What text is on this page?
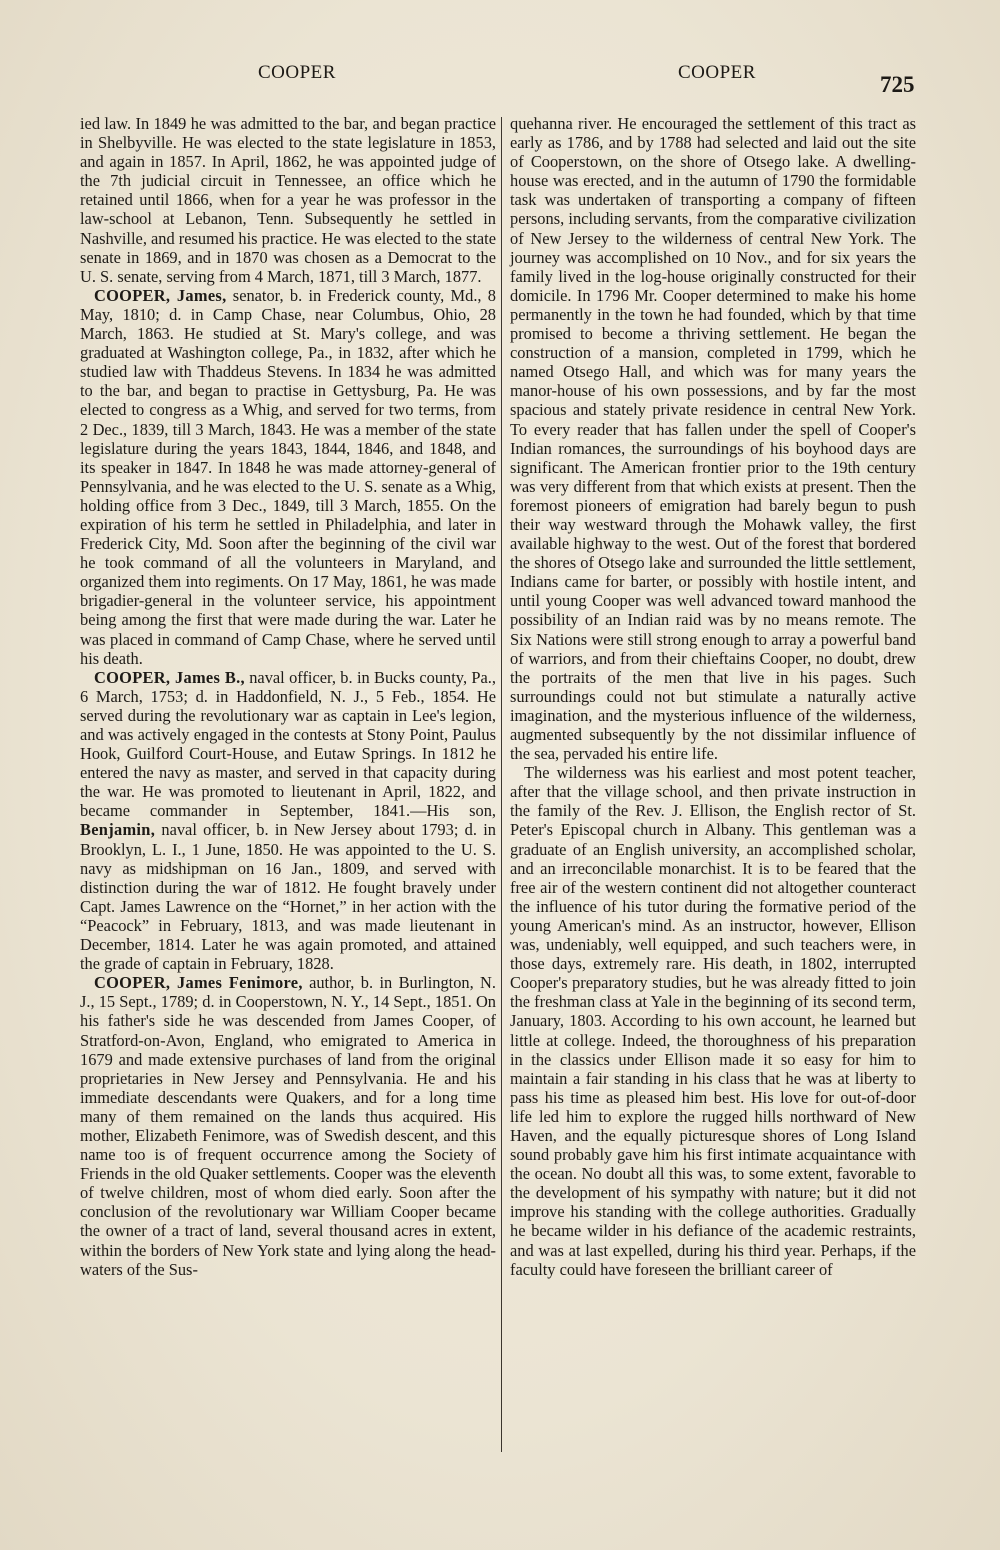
COOPER	COOPER	725

ied law. In 1849 he was admitted to the bar, and began practice in Shelbyville. He was elected to the state legislature in 1853, and again in 1857. In April, 1862, he was appointed judge of the 7th judicial circuit in Tennessee, an office which he retained until 1866, when for a year he was professor in the law-school at Lebanon, Tenn. Subsequently he settled in Nashville, and resumed his practice. He was elected to the state senate in 1869, and in 1870 was chosen as a Democrat to the U. S. senate, serving from 4 March, 1871, till 3 March, 1877.

COOPER, James, senator, b. in Frederick county, Md., 8 May, 1810; d. in Camp Chase, near Columbus, Ohio, 28 March, 1863. He studied at St. Mary's college, and was graduated at Washington college, Pa., in 1832, after which he studied law with Thaddeus Stevens. In 1834 he was admitted to the bar, and began to practise in Gettysburg, Pa. He was elected to congress as a Whig, and served for two terms, from 2 Dec., 1839, till 3 March, 1843. He was a member of the state legislature during the years 1843, 1844, 1846, and 1848, and its speaker in 1847. In 1848 he was made attorney-general of Pennsylvania, and he was elected to the U. S. senate as a Whig, holding office from 3 Dec., 1849, till 3 March, 1855. On the expiration of his term he settled in Philadelphia, and later in Frederick City, Md. Soon after the beginning of the civil war he took command of all the volunteers in Maryland, and organized them into regiments. On 17 May, 1861, he was made brigadier-general in the volunteer service, his appointment being among the first that were made during the war. Later he was placed in command of Camp Chase, where he served until his death.

COOPER, James B., naval officer, b. in Bucks county, Pa., 6 March, 1753; d. in Haddonfield, N. J., 5 Feb., 1854. He served during the revolutionary war as captain in Lee's legion, and was actively engaged in the contests at Stony Point, Paulus Hook, Guilford Court-House, and Eutaw Springs. In 1812 he entered the navy as master, and served in that capacity during the war. He was promoted to lieutenant in April, 1822, and became commander in September, 1841.—His son, Benjamin, naval officer, b. in New Jersey about 1793; d. in Brooklyn, L. I., 1 June, 1850. He was appointed to the U. S. navy as midshipman on 16 Jan., 1809, and served with distinction during the war of 1812. He fought bravely under Capt. James Lawrence on the “Hornet,” in her action with the “Peacock” in February, 1813, and was made lieutenant in December, 1814. Later he was again promoted, and attained the grade of captain in February, 1828.

COOPER, James Fenimore, author, b. in Burlington, N. J., 15 Sept., 1789; d. in Cooperstown, N. Y., 14 Sept., 1851. On his father's side he was descended from James Cooper, of Stratford-on-Avon, England, who emigrated to America in 1679 and made extensive purchases of land from the original proprietaries in New Jersey and Pennsylvania. He and his immediate descendants were Quakers, and for a long time many of them remained on the lands thus acquired. His mother, Elizabeth Fenimore, was of Swedish descent, and this name too is of frequent occurrence among the Society of Friends in the old Quaker settlements. Cooper was the eleventh of twelve children, most of whom died early. Soon after the conclusion of the revolutionary war William Cooper became the owner of a tract of land, several thousand acres in extent, within the borders of New York state and lying along the head-waters of the Sus-

quehanna river. He encouraged the settlement of this tract as early as 1786, and by 1788 had selected and laid out the site of Cooperstown, on the shore of Otsego lake. A dwelling-house was erected, and in the autumn of 1790 the formidable task was undertaken of transporting a company of fifteen persons, including servants, from the comparative civilization of New Jersey to the wilderness of central New York. The journey was accomplished on 10 Nov., and for six years the family lived in the log-house originally constructed for their domicile. In 1796 Mr. Cooper determined to make his home permanently in the town he had founded, which by that time promised to become a thriving settlement. He began the construction of a mansion, completed in 1799, which he named Otsego Hall, and which was for many years the manor-house of his own possessions, and by far the most spacious and stately private residence in central New York. To every reader that has fallen under the spell of Cooper's Indian romances, the surroundings of his boyhood days are significant. The American frontier prior to the 19th century was very different from that which exists at present. Then the foremost pioneers of emigration had barely begun to push their way westward through the Mohawk valley, the first available highway to the west. Out of the forest that bordered the shores of Otsego lake and surrounded the little settlement, Indians came for barter, or possibly with hostile intent, and until young Cooper was well advanced toward manhood the possibility of an Indian raid was by no means remote. The Six Nations were still strong enough to array a powerful band of warriors, and from their chieftains Cooper, no doubt, drew the portraits of the men that live in his pages. Such surroundings could not but stimulate a naturally active imagination, and the mysterious influence of the wilderness, augmented subsequently by the not dissimilar influence of the sea, pervaded his entire life.

The wilderness was his earliest and most potent teacher, after that the village school, and then private instruction in the family of the Rev. J. Ellison, the English rector of St. Peter's Episcopal church in Albany. This gentleman was a graduate of an English university, an accomplished scholar, and an irreconcilable monarchist. It is to be feared that the free air of the western continent did not altogether counteract the influence of his tutor during the formative period of the young American's mind. As an instructor, however, Ellison was, undeniably, well equipped, and such teachers were, in those days, extremely rare. His death, in 1802, interrupted Cooper's preparatory studies, but he was already fitted to join the freshman class at Yale in the beginning of its second term, January, 1803. According to his own account, he learned but little at college. Indeed, the thoroughness of his preparation in the classics under Ellison made it so easy for him to maintain a fair standing in his class that he was at liberty to pass his time as pleased him best. His love for out-of-door life led him to explore the rugged hills northward of New Haven, and the equally picturesque shores of Long Island sound probably gave him his first intimate acquaintance with the ocean. No doubt all this was, to some extent, favorable to the development of his sympathy with nature; but it did not improve his standing with the college authorities. Gradually he became wilder in his defiance of the academic restraints, and was at last expelled, during his third year. Perhaps, if the faculty could have foreseen the brilliant career of
